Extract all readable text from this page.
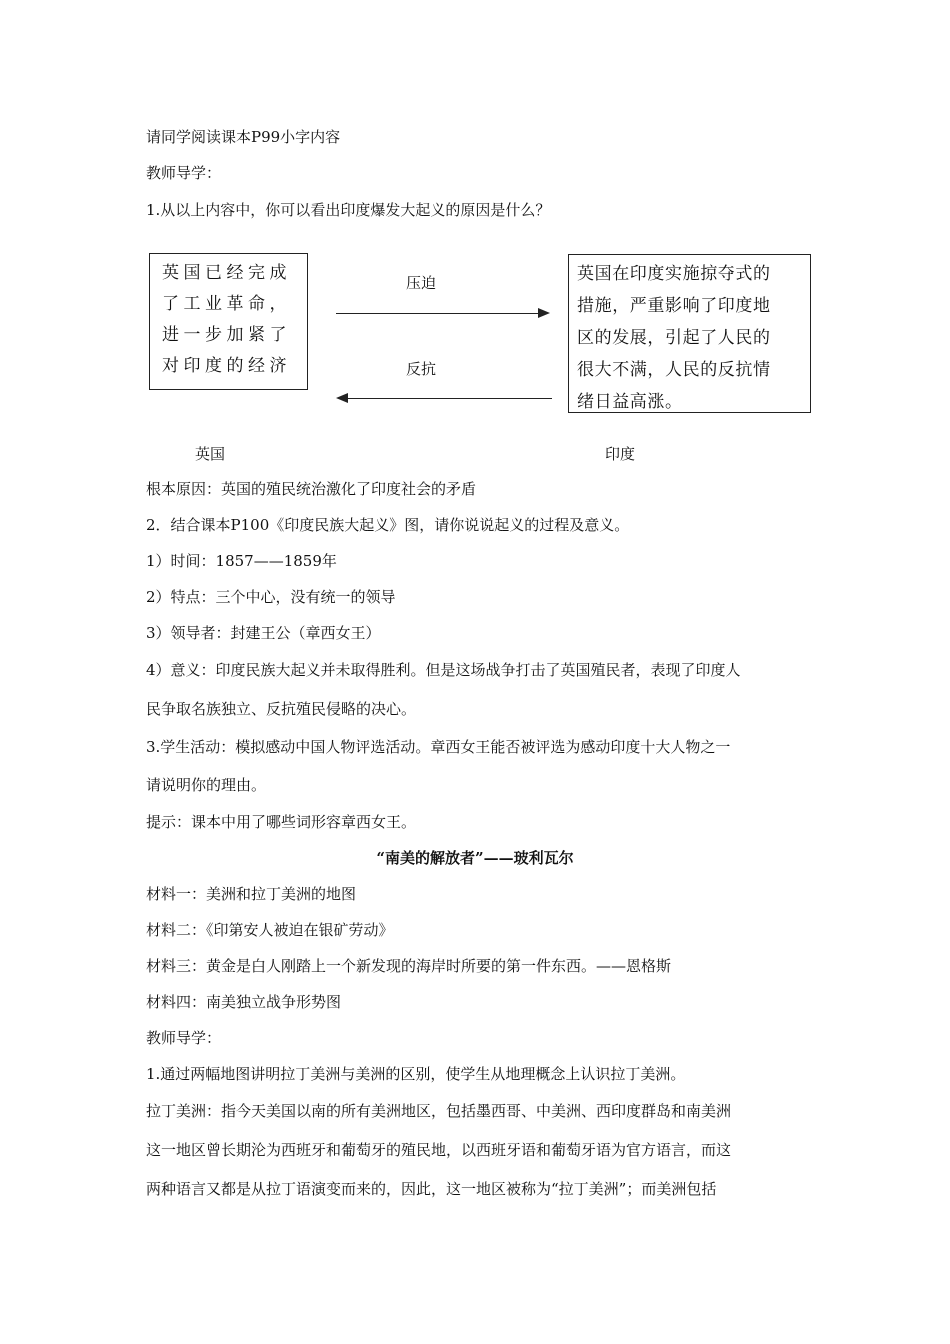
请同学阅读课本P99小字内容
教师导学：
1.从以上内容中，你可以看出印度爆发大起义的原因是什么？
英国已经完成
了工业革命，
进一步加紧了
对印度的经济
英国在印度实施掠夺式的
措施，严重影响了印度地
区的发展，引起了人民的
很大不满，人民的反抗情
绪日益高涨。
压迫
反抗
英国	印度
根本原因：英国的殖民统治激化了印度社会的矛盾
2．结合课本P100《印度民族大起义》图，请你说说起义的过程及意义。
1）时间：1857——1859年
2）特点：三个中心，没有统一的领导
3）领导者：封建王公（章西女王）
4）意义：印度民族大起义并未取得胜利。但是这场战争打击了英国殖民者，表现了印度人
民争取名族独立、反抗殖民侵略的决心。
3.学生活动：模拟感动中国人物评选活动。章西女王能否被评选为感动印度十大人物之一
请说明你的理由。
提示：课本中用了哪些词形容章西女王。
“南美的解放者”——玻利瓦尔
材料一：美洲和拉丁美洲的地图
材料二：《印第安人被迫在银矿劳动》
材料三：黄金是白人刚踏上一个新发现的海岸时所要的第一件东西。——恩格斯
材料四：南美独立战争形势图
教师导学：
1.通过两幅地图讲明拉丁美洲与美洲的区别，使学生从地理概念上认识拉丁美洲。
拉丁美洲：指今天美国以南的所有美洲地区，包括墨西哥、中美洲、西印度群岛和南美洲
这一地区曾长期沦为西班牙和葡萄牙的殖民地，以西班牙语和葡萄牙语为官方语言，而这
两种语言又都是从拉丁语演变而来的，因此，这一地区被称为“拉丁美洲”；而美洲包括
